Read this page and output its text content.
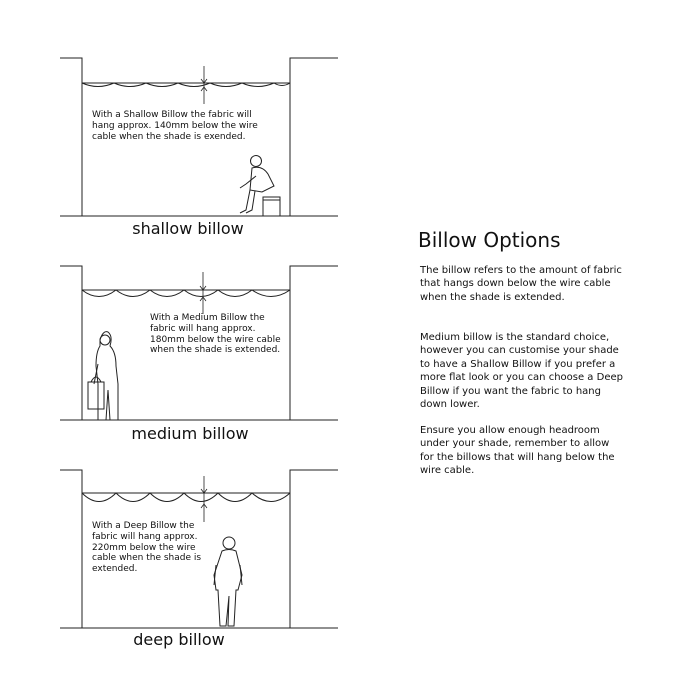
With a Shallow Billow the fabric will hang approx. 140mm below the wire cable when the shade is exended.
shallow billow
With a Medium Billow the fabric will hang approx. 180mm below the wire cable when the shade is extended.
medium billow
With a Deep Billow the fabric will hang approx. 220mm below the wire cable when the shade is extended.
deep billow
Billow Options

The billow refers to the amount of fabric that hangs down below the wire cable when the shade is extended.

Medium billow is the standard choice, however you can customise your shade to have a Shallow Billow if you prefer a more flat look or you can choose a Deep Billow if you want the fabric to hang down lower.

Ensure you allow enough headroom under your shade, remember to allow for the billows that will hang below the wire cable.
